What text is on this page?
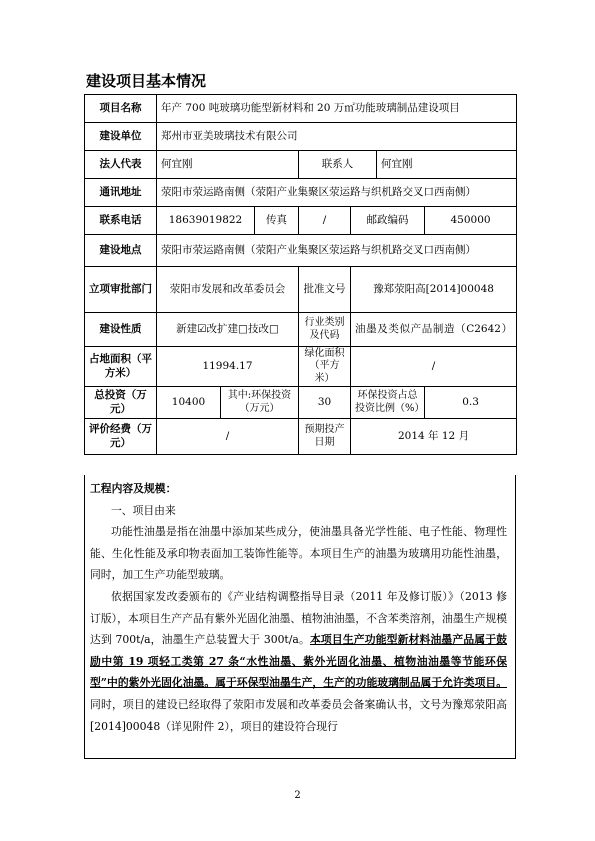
建设项目基本情况
项目名称	年产 700 吨玻璃功能型新材料和 20 万㎡功能玻璃制品建设项目						
建设单位	郑州市亚美玻璃技术有限公司						
法人代表	何宜刚			联系人		何宜刚	
通讯地址	荥阳市荥运路南侧（荥阳产业集聚区荥运路与织机路交叉口西南侧）						
联系电话	18639019822		传真	/	邮政编码		450000
建设地点	荥阳市荥运路南侧（荥阳产业集聚区荥运路与织机路交叉口西南侧）						
立项审批部门	荥阳市发展和改革委员会			批准文号	豫郑荥阳高[2014]00048		
建设性质	新建☑改扩建□技改□			行业类别及代码	油墨及类似产品制造（C2642）		
占地面积（平方米）	11994.17			绿化面积（平方米）	/		
总投资（万元）	10400	其中:环保投资（万元）		30	环保投资占总投资比例（%）		0.3
评价经费（万元）	/			预期投产日期	2014 年 12 月		
工程内容及规模：
一、项目由来

功能性油墨是指在油墨中添加某些成分，使油墨具备光学性能、电子性能、物理性能、生化性能及承印物表面加工装饰性能等。本项目生产的油墨为玻璃用功能性油墨，同时，加工生产功能型玻璃。

依据国家发改委颁布的《产业结构调整指导目录（2011 年及修订版）》（2013 修订版），本项目生产产品有紫外光固化油墨、植物油油墨，不含苯类溶剂，油墨生产规模达到 700t/a，油墨生产总装置大于 300t/a。本项目生产功能型新材料油墨产品属于鼓励中第 19 项轻工类第 27 条“水性油墨、紫外光固化油墨、植物油油墨等节能环保型”中的紫外光固化油墨。属于环保型油墨生产，生产的功能玻璃制品属于允许类项目。同时，项目的建设已经取得了荥阳市发展和改革委员会备案确认书，文号为豫郑荥阳高[2014]00048（详见附件 2），项目的建设符合现行

2
